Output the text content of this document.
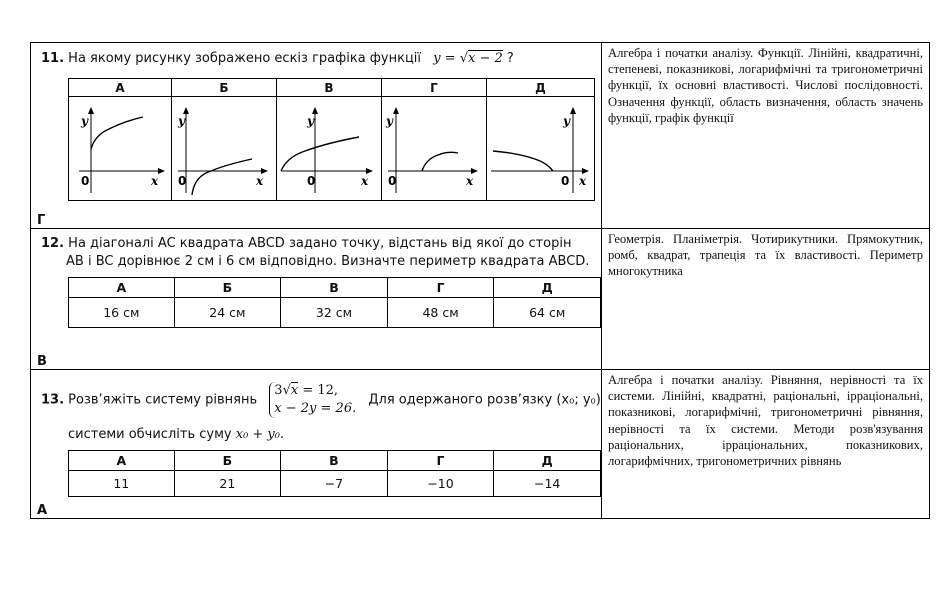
11. На якому рисунку зображено ескіз графіка функції y = √x − 2 ?
А	Б	В	Г	Д

y
x
0	y
x
0	y
x
0	y
x
0	y
x
0
Г
Алгебра і початки аналізу. Функції. Лінійні, квадратичні, степеневі, показникові, логарифмічні та тригонометричні функції, їх основні властивості. Числові послідовності. Означення функції, область визначення, область значень функції, графік функції
12. На діагоналі AC квадрата ABCD задано точку, відстань від якої до сторін
AB і BC дорівнює 2 см і 6 см відповідно. Визначте периметр квадрата ABCD.
А	Б	В	Г	Д
16 см	24 см	32 см	48 см	64 см
В
Геометрія. Планіметрія. Чотирикутники. Прямокутник, ромб, квадрат, трапеція та їх властивості. Периметр многокутника
13. Розв’яжіть систему рівнянь 3√x = 12,
x − 2y = 26. Для одержаного розв’язку (x₀; y₀)
системи обчисліть суму x₀ + y₀.
А	Б	В	Г	Д
11	21	−7	−10	−14
А
Алгебра і початки аналізу. Рівняння, нерівності та їх системи. Лінійні, квадратні, раціональні, ірраціональні, показникові, логарифмічні, тригонометричні рівняння, нерівності та їх системи. Методи розв'язування раціональних, ірраціональних, показникових, логарифмічних, тригонометричних рівнянь
